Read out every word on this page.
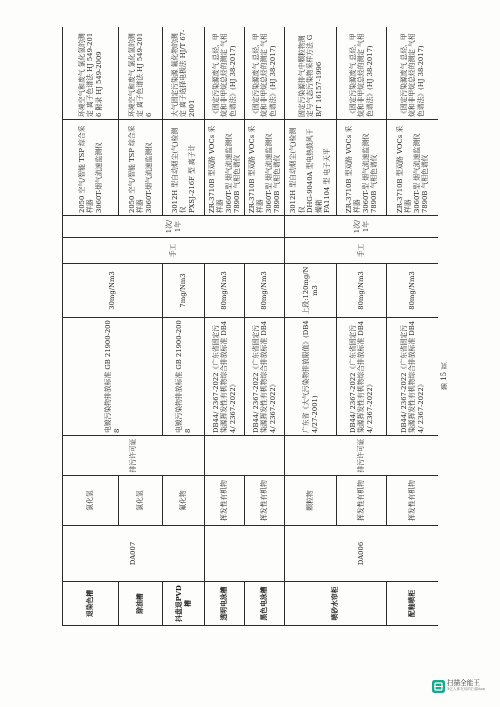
退染色槽	DA007	氯化氢	排污许可证	电镀污染物排放标准 GB 21900-2008	30mg/Nm3	手工	1次/1年	2050 空气/智能 TSP 综合采样器
3060T-烟气流速监测仪	环境空气和废气 氯化氢的测定 离子色谱法 HJ 549-2016 附录 HJ 549-2009
除油槽		氯化氢						2050 空气/智能 TSP 综合采样器
3060T-烟气流速监测仪	环境空气和废气 氯化氢的测定 离子色谱法 HJ 549-2016
抖盘退PVD槽		氟化物		电镀污染物排放标准 GB 21900-2008	7mg/Nm3			3012H 型自动烟尘(气)检测仪
PXSJ-216F 型 离子计	大气固定污染源 氟化物的测定 离子选择电极法 HJ/T 67-2001
透明电泳槽		挥发性有机物		DB44/ 2367-2022《广东省固定污染源挥发性有机物综合排放标准 DB44/ 2367-2022》	80mg/Nm3			ZR-3710B 型双路 VOCs 采样器
3060T-型 烟气流速监测仪
7890B 气相色谱仪	《固定污染源废气 总烃、甲烷和非甲烷总烃的测定 气相色谱法》(HJ 38-2017)
黑色电泳槽		挥发性有机物		DB44/ 2367-2022《广东省固定污染源挥发性有机物综合排放标准 DB44/ 2367-2022》	80mg/Nm3			ZR-3710B 型双路 VOCs 采样器
3060T-型 烟气流速监测仪
7890B 气相色谱仪	《固定污染源废气 总烃、甲烷和非甲烷总烃的测定 气相色谱法》(HJ 38-2017)
喷砂水帘柜	DA006	颗粒物	排污许可证	广东省《大气污染物排放限值》(DB44/27-2001)	上段:120mg/Nm3	手工	1次/1年	3012H 型自动烟尘(气)检测仪
DHG-9040A 型电热鼓风干燥箱
FA1104 型 电子天平	固定污染源排气中颗粒物测定与气态污染物采样方法 GB/T 16157-1996
		挥发性有机物		DB44/ 2367-2022《广东省固定污染源挥发性有机物综合排放标准 DB44/ 2367-2022》	80mg/Nm3			ZR-3710B 型双路 VOCs 采样器
3060T-型 烟气流速监测仪
7890B 气相色谱仪	《固定污染源废气 总烃、甲烷和非甲烷总烃的测定 气相色谱法》(HJ 38-2017)
配釉喷柜		挥发性有机物		DB44/ 2367-2022《广东省固定污染源挥发性有机物综合排放标准 DB44/ 2367-2022》	80mg/Nm3			ZR-3710B 型双路 VOCs 采样器
3060T-型 烟气流速监测仪
7890B 气相色谱仪	《固定污染源废气 总烃、甲烷和非甲烷总烃的测定 气相色谱法》(HJ 38-2017)
第 15 页
扫描全能王
3亿人都在用的扫描App
